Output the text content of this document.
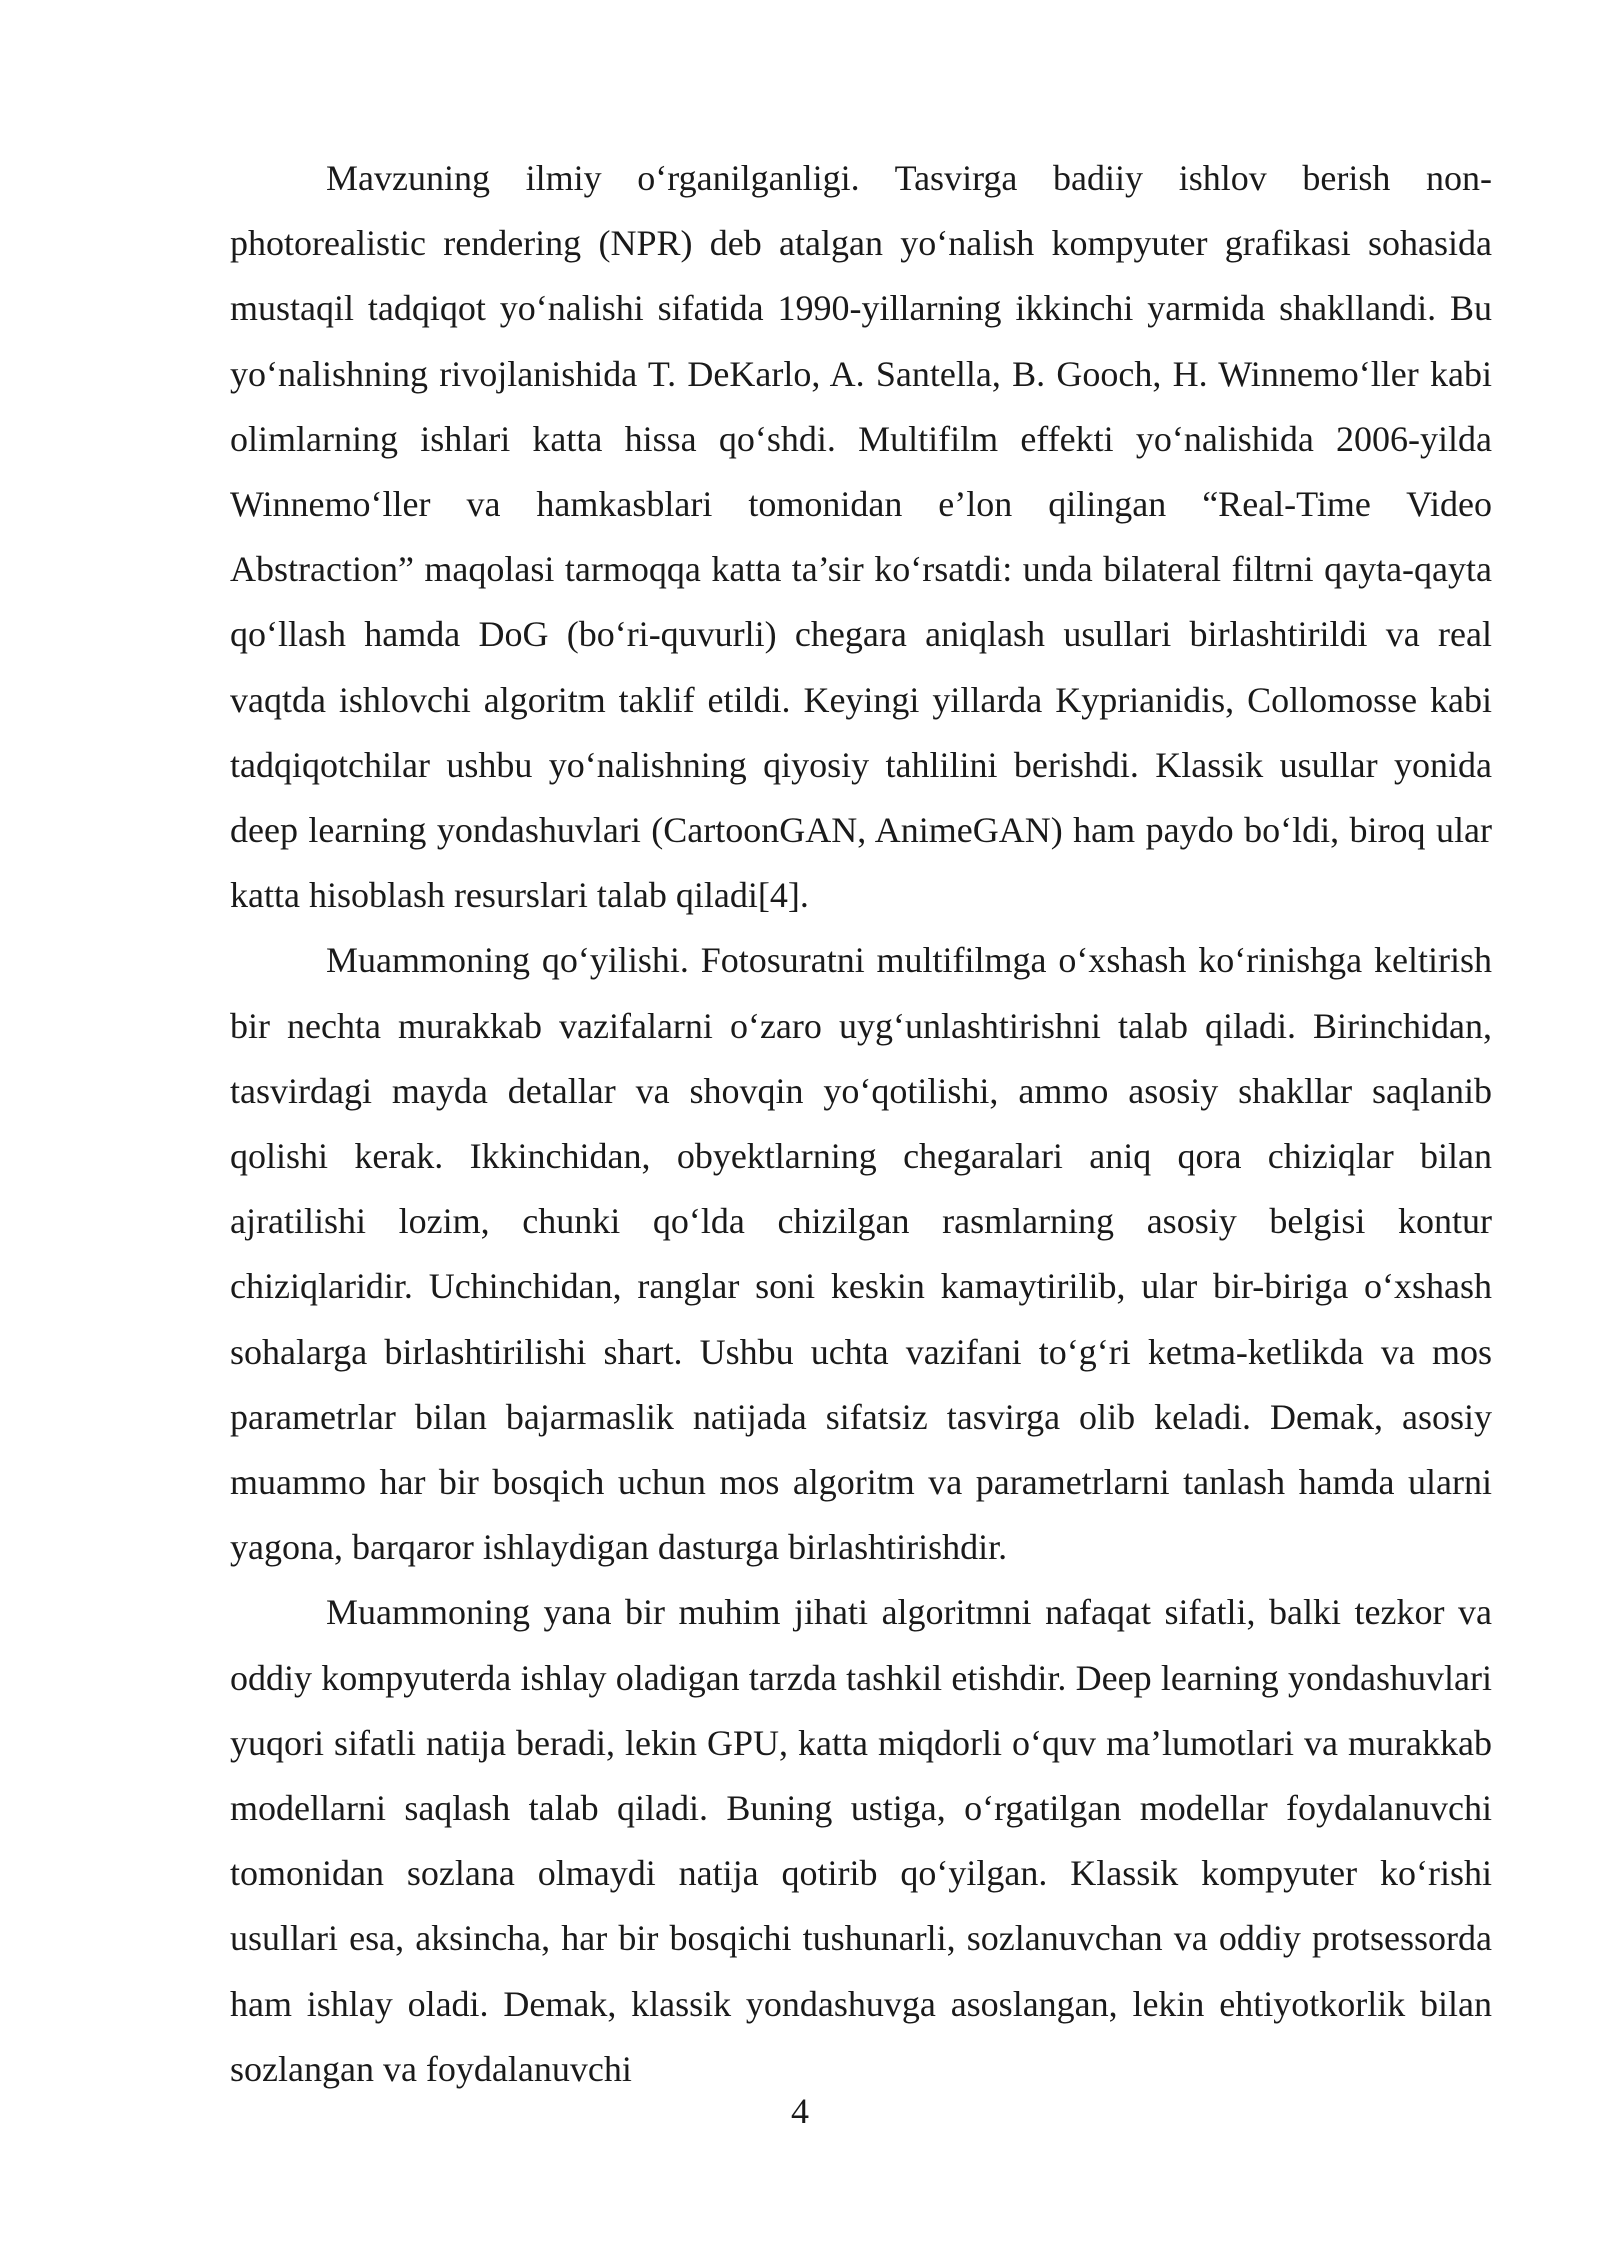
Mavzuning ilmiy o‘rganilganligi. Tasvirga badiiy ishlov berish non-photorealistic rendering (NPR) deb atalgan yo‘nalish kompyuter grafikasi sohasida mustaqil tadqiqot yo‘nalishi sifatida 1990-yillarning ikkinchi yarmida shakllandi. Bu yo‘nalishning rivojlanishida T. DeKarlo, A. Santella, B. Gooch, H. Winnemo‘ller kabi olimlarning ishlari katta hissa qo‘shdi. Multifilm effekti yo‘nalishida 2006-yilda Winnemo‘ller va hamkasblari tomonidan e’lon qilingan “Real-Time Video Abstraction” maqolasi tarmoqqa katta ta’sir ko‘rsatdi: unda bilateral filtrni qayta-qayta qo‘llash hamda DoG (bo‘ri-quvurli) chegara aniqlash usullari birlashtirildi va real vaqtda ishlovchi algoritm taklif etildi. Keyingi yillarda Kyprianidis, Collomosse kabi tadqiqotchilar ushbu yo‘nalishning qiyosiy tahlilini berishdi. Klassik usullar yonida deep learning yondashuvlari (CartoonGAN, AnimeGAN) ham paydo bo‘ldi, biroq ular katta hisoblash resurslari talab qiladi[4].

Muammoning qo‘yilishi. Fotosuratni multifilmga o‘xshash ko‘rinishga keltirish bir nechta murakkab vazifalarni o‘zaro uyg‘unlashtirishni talab qiladi. Birinchidan, tasvirdagi mayda detallar va shovqin yo‘qotilishi, ammo asosiy shakllar saqlanib qolishi kerak. Ikkinchidan, obyektlarning chegaralari aniq qora chiziqlar bilan ajratilishi lozim, chunki qo‘lda chizilgan rasmlarning asosiy belgisi kontur chiziqlaridir. Uchinchidan, ranglar soni keskin kamaytirilib, ular bir-biriga o‘xshash sohalarga birlashtirilishi shart. Ushbu uchta vazifani to‘g‘ri ketma-ketlikda va mos parametrlar bilan bajarmaslik natijada sifatsiz tasvirga olib keladi. Demak, asosiy muammo har bir bosqich uchun mos algoritm va parametrlarni tanlash hamda ularni yagona, barqaror ishlaydigan dasturga birlashtirishdir.

Muammoning yana bir muhim jihati algoritmni nafaqat sifatli, balki tezkor va oddiy kompyuterda ishlay oladigan tarzda tashkil etishdir. Deep learning yondashuvlari yuqori sifatli natija beradi, lekin GPU, katta miqdorli o‘quv ma’lumotlari va murakkab modellarni saqlash talab qiladi. Buning ustiga, o‘rgatilgan modellar foydalanuvchi tomonidan sozlana olmaydi natija qotirib qo‘yilgan. Klassik kompyuter ko‘rishi usullari esa, aksincha, har bir bosqichi tushunarli, sozlanuvchan va oddiy protsessorda ham ishlay oladi. Demak, klassik yondashuvga asoslangan, lekin ehtiyotkorlik bilan sozlangan va foydalanuvchi

4
